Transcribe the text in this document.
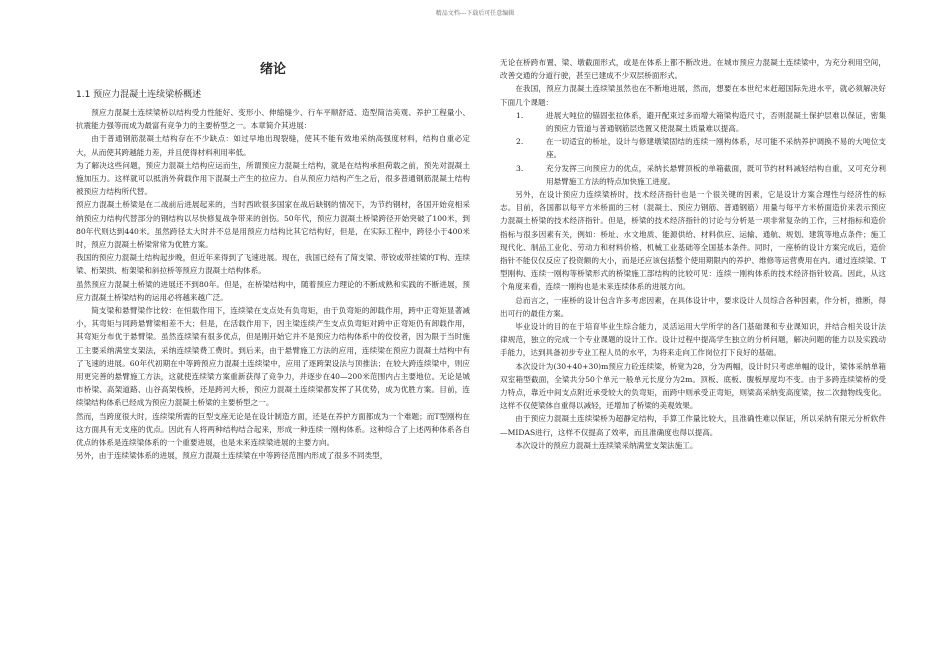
精品文档---下载后可任意编辑
绪论
1.1 预应力混凝土连续梁桥概述

预应力混凝土连续梁桥以结构受力性能好、变形小、伸缩缝少、行车平顺舒适、造型简洁美观、养护工程量小、抗震能力强等而成为最富有竞争力的主要桥型之一。本章简介其进展：

由于普通钢筋混凝土结构存在不少缺点：如过早地出现裂缝，使其不能有效地采纳高强度材料，结构自重必定大，从而使其跨越能力差，并且使得材料利用率低。

为了解决这些问题，预应力混凝土结构应运而生，所谓预应力混凝土结构，就是在结构承担荷载之前，预先对混凝土施加压力。这样就可以抵消外荷载作用下混凝土产生的拉应力。自从预应力结构产生之后，很多普通钢筋混凝土结构被预应力结构所代替。

预应力混凝土桥梁是在二战前后进展起来的，当时西欧很多国家在战后缺钢的情况下，为节约钢材，各国开始竞相采纳预应力结构代替部分的钢结构以尽快修复战争带来的创伤。50年代，预应力混凝土桥梁跨径开始突破了100米，到80年代则达到440米。虽然跨径太大时并不总是用预应力结构比其它结构好，但是，在实际工程中，跨径小于400米时，预应力混凝土桥梁常常为优胜方案。

我国的预应力混凝土结构起步晚，但近年来得到了飞速进展。现在，我国已经有了简支梁、带铰或带挂梁的T构、连续梁、桁架拱、桁架梁和斜拉桥等预应力混凝土结构体系。

虽然预应力混凝土桥梁的进展还不到80年。但是，在桥梁结构中，随着预应力理论的不断成熟和实践的不断进展，预应力混凝土桥梁结构的运用必将越来越广泛。

简支梁和悬臂梁作比较：在恒载作用下，连续梁在支点处有负弯矩，由于负弯矩的卸载作用，跨中正弯矩显著减小，其弯矩与同跨悬臂梁相差不大；但是，在活载作用下，因主梁连续产生支点负弯矩对跨中正弯矩仍有卸载作用，其弯矩分布优于悬臂梁。虽然连续梁有很多优点，但是刚开始它并不是预应力结构体系中的佼佼者，因为限于当时施工主要采纳满堂支架法，采纳连续梁费工费时。到后来，由于悬臂施工方法的应用，连续梁在预应力混凝土结构中有了飞速的进展。60年代初期在中等跨预应力混凝土连续梁中，应用了逐跨架设法与顶推法；在较大跨连续梁中，则应用更完善的悬臂施工方法，这就使连续梁方案重新获得了竞争力，并逐步在40—200米范围内占主要地位。无论是城市桥梁、高架道路、山谷高架栈桥，还是跨河大桥，预应力混凝土连续梁都发挥了其优势，成为优胜方案。目前，连续梁结构体系已经成为预应力混凝土桥梁的主要桥型之一。

然而，当跨度很大时，连续梁所需的巨型支座无论是在设计制造方面，还是在养护方面都成为一个难题；而T型刚构在这方面具有无支座的优点。因此有人将两种结构结合起来，形成一种连续一刚构体系。这种综合了上述两种体系各自优点的体系是连续梁体系的一个重要进展，也是未来连续梁进展的主要方向。

另外，由于连续梁体系的进展，预应力混凝土连续梁在中等跨径范围内形成了很多不同类型，

无论在桥跨布置、梁、墩截面形式，或是在体系上都不断改进。在城市预应力混凝土连续梁中，为充分利用空间，改善交通的分道行驶，甚至已建成不少双层桥面形式。

在我国，预应力混凝土连续梁虽然也在不断地进展，然而，想要在本世纪末赶超国际先进水平，就必须解决好下面几个课题：

1.	进展大吨位的锚固张拉体系，避开配束过多而增大箱梁构造尺寸，否则混凝土保护层难以保证，密集的预应力管道与普通钢筋层迭置又使混凝土质量难以提高。
2.	在一切适宜的桥址，设计与修建墩梁固结的连续一刚构体系，尽可能不采纳养护调换不易的大吨位支座。
3.	充分发挥三向预应力的优点，采纳长悬臂顶板的单箱截面，既可节约材料减轻结构自重，又可充分利用悬臂施工方法的特点加快施工进度。

另外，在设计预应力连续梁桥时，技术经济指针也是一个很关键的因素，它是设计方案合理性与经济性的标志。目前，各国都以每平方米桥面的三材（混凝土、预应力钢筋、普通钢筋）用量与每平方米桥面造价来表示预应力混凝土桥梁的技术经济指针。但是，桥梁的技术经济指针的讨论与分析是一项非常复杂的工作，三材指标和造价指标与很多因素有关，例如：桥址、水文地质、能源供给、材料供应、运输、通航、规划、建筑等地点条件；施工现代化、制品工业化、劳动力和材料价格、机械工业基础等全国基本条件。同时，一座桥的设计方案完成后，造价指针不能仅仅反应了投资额的大小，而是还应该包括整个使用期限内的养护、维修等运营费用在内。通过连续梁、T型刚构、连续一刚构等桥梁形式的桥梁施工部结构的比较可见：连续一刚构体系的技术经济指针较高。因此，从这个角度来看，连续一刚构也是未来连续体系的进展方向。

总而言之，一座桥的设计包含许多考虑因素，在具体设计中，要求设计人员综合各种因素，作分析，推断，得出可行的最佳方案。

毕业设计的目的在于培育毕业生综合能力，灵活运用大学所学的各门基础课和专业课知识，并结合相关设计法律规范，独立的完成一个专业课题的设计工作。设计过程中提高学生独立的分析问题，解决问题的能力以及实践动手能力，达到具备初步专业工程人员的水平，为将来走向工作岗位打下良好的基础。

本次设计为(30+40+30)m预应力砼连续梁，桥宽为28，分为两幅，设计时只考虑单幅的设计，梁体采纳单箱双室箱型截面，全梁共分50个单元一般单元长度分为2m。顶板、底板、腹板厚度均不变。由于多跨连续梁桥的受力特点，靠近中间支点附近承受较大的负弯矩，而跨中则承受正弯矩，则梁高采纳变高度梁，按二次抛物线变化。这样不仅使梁体自重得以减轻，还增加了桥梁的美观效果。

由于预应力混凝土连续梁桥为超静定结构，手算工作量比较大，且准确性难以保证，所以采纳有限元分析软件—MIDAS进行，这样不仅提高了效率，而且准确度也得以提高。

本次设计的预应力混凝土连续梁采纳满堂支架法施工。
